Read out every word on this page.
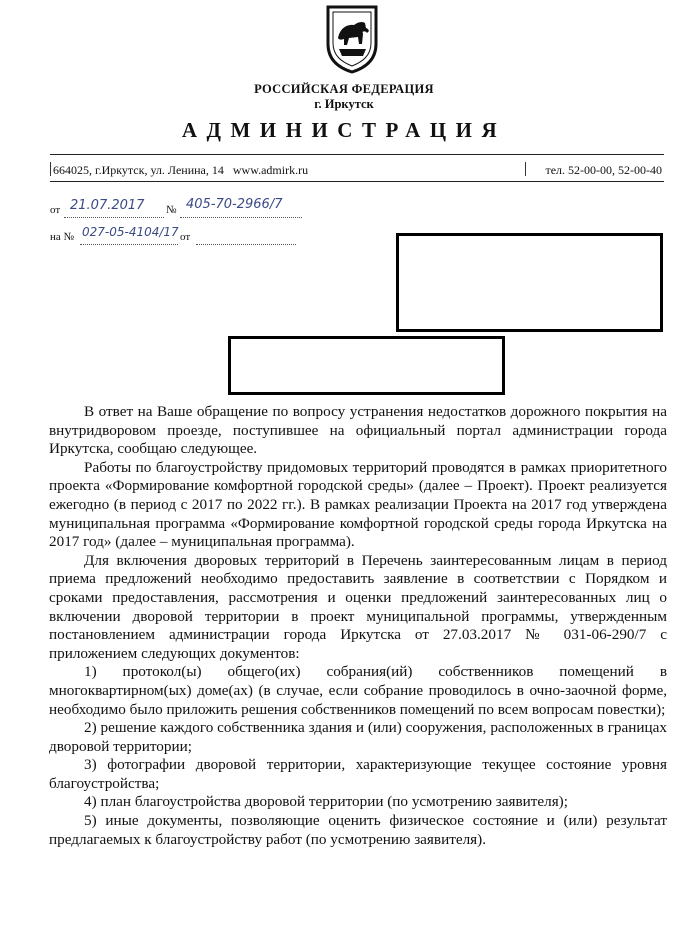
РОССИЙСКАЯ ФЕДЕРАЦИЯ
г. Иркутск
АДМИНИСТРАЦИЯ
664025, г.Иркутск, ул. Ленина, 14   www.admirk.ru	тел. 52-00-00, 52-00-40
от 21.07.2017 № 405-70-2966/7
на № 027-05-4104/17 от

В ответ на Ваше обращение по вопросу устранения недостатков дорожного покрытия на внутридворовом проезде, поступившее на официальный портал администрации города Иркутска, сообщаю следующее.

Работы по благоустройству придомовых территорий проводятся в рамках приоритетного проекта «Формирование комфортной городской среды» (далее – Проект). Проект реализуется ежегодно (в период с 2017 по 2022 гг.). В рамках реализации Проекта на 2017 год утверждена муниципальная программа «Формирование комфортной городской среды города Иркутска на 2017 год» (далее – муниципальная программа).

Для включения дворовых территорий в Перечень заинтересованным лицам в период приема предложений необходимо предоставить заявление в соответствии с Порядком и сроками предоставления, рассмотрения и оценки предложений заинтересованных лиц о включении дворовой территории в проект муниципальной программы, утвержденным постановлением администрации города Иркутска от 27.03.2017 № 031-06-290/7 с приложением следующих документов:

1) протокол(ы) общего(их) собрания(ий) собственников помещений в многоквартирном(ых) доме(ах) (в случае, если собрание проводилось в очно-заочной форме, необходимо было приложить решения собственников помещений по всем вопросам повестки);

2) решение каждого собственника здания и (или) сооружения, расположенных в границах дворовой территории;

3) фотографии дворовой территории, характеризующие текущее состояние уровня благоустройства;

4) план благоустройства дворовой территории (по усмотрению заявителя);

5) иные документы, позволяющие оценить физическое состояние и (или) результат предлагаемых к благоустройству работ (по усмотрению заявителя).
